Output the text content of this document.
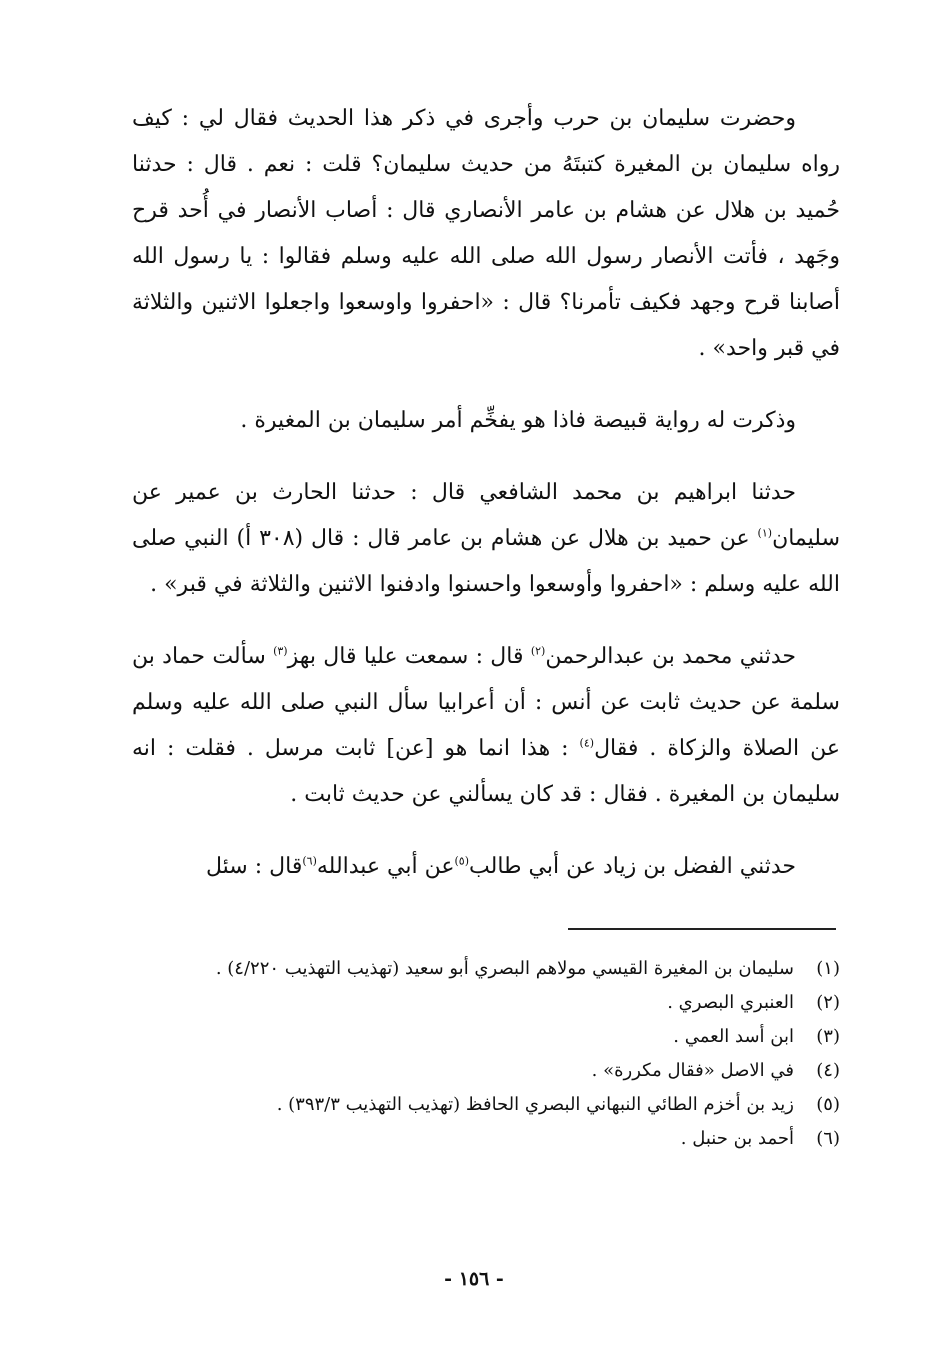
وحضرت سليمان بن حرب وأجرى في ذكر هذا الحديث فقال لي : كيف رواه سليمان بن المغيرة كتبتَهُ من حديث سليمان؟ قلت : نعم . قال : حدثنا حُميد بن هلال عن هشام بن عامر الأنصاري قال : أصاب الأنصار في أُحد قرح وجَهد ، فأتت الأنصار رسول الله صلى الله عليه وسلم فقالوا : يا رسول الله أصابنا قرح وجهد فكيف تأمرنا؟ قال : «احفروا واوسعوا واجعلوا الاثنين والثلاثة في قبر واحد» .

وذكرت له رواية قبيصة فاذا هو يفخِّم أمر سليمان بن المغيرة .

حدثنا ابراهيم بن محمد الشافعي قال : حدثنا الحارث بن عمير عن سليمان$^{(١)}$ عن حميد بن هلال عن هشام بن عامر قال : قال (٣٠٨ أ) النبي صلى الله عليه وسلم : «احفروا وأوسعوا واحسنوا وادفنوا الاثنين والثلاثة في قبر» .

حدثني محمد بن عبدالرحمن$^{(٢)}$ قال : سمعت عليا قال بهز$^{(٣)}$ سألت حماد بن سلمة عن حديث ثابت عن أنس : أن أعرابيا سأل النبي صلى الله عليه وسلم عن الصلاة والزكاة . فقال$^{(٤)}$ : هذا انما هو [عن] ثابت مرسل . فقلت : انه سليمان بن المغيرة . فقال : قد كان يسألني عن حديث ثابت .

حدثني الفضل بن زياد عن أبي طالب$^{(٥)}$عن أبي عبدالله$^{(٦)}$قال : سئل

(١)
سليمان بن المغيرة القيسي مولاهم البصري أبو سعيد (تهذيب التهذيب ٤/٢٢٠) .
(٢)
العنبري البصري .
(٣)
ابن أسد العمي .
(٤)
في الاصل «فقال مكررة» .
(٥)
زيد بن أخزم الطائي النبهاني البصري الحافظ (تهذيب التهذيب ٣٩٣/٣) .
(٦)
أحمد بن حنبل .
- ١٥٦ -
